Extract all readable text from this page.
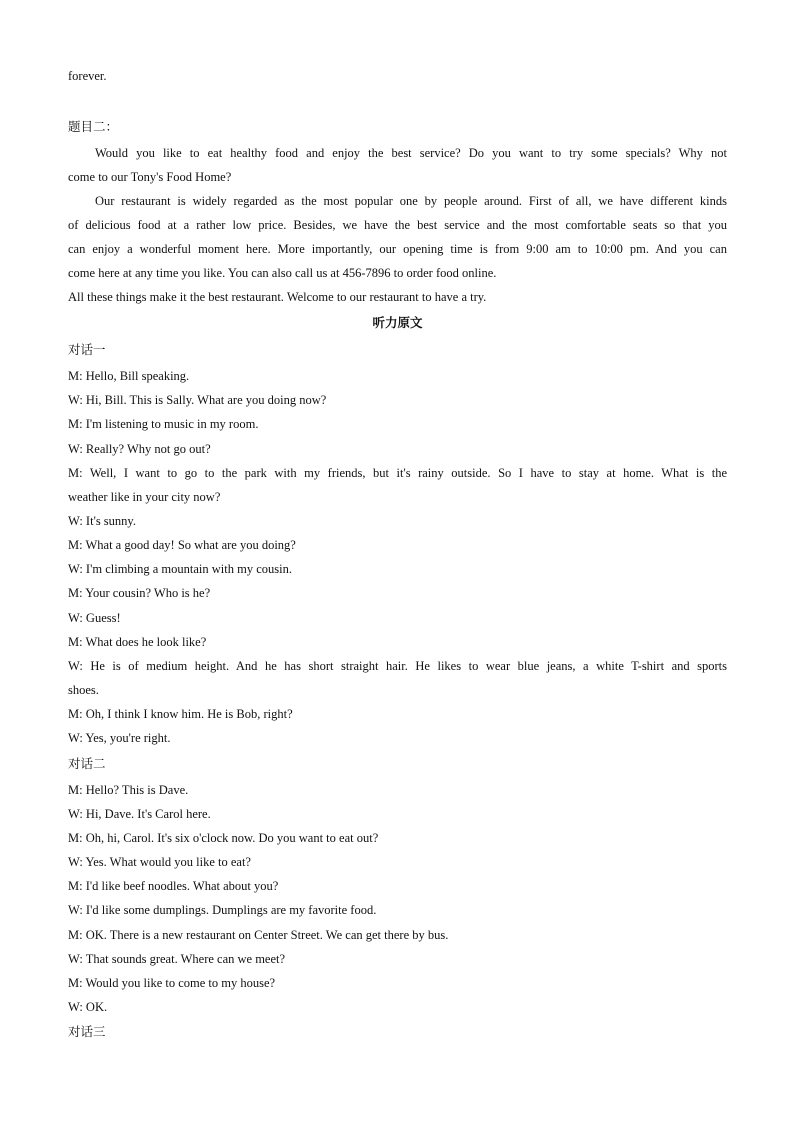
forever.
题目二：
Would you like to eat healthy food and enjoy the best service? Do you want to try some specials? Why not
come to our Tony's Food Home?
Our restaurant is widely regarded as the most popular one by people around. First of all, we have different kinds
of delicious food at a rather low price. Besides, we have the best service and the most comfortable seats so that you
can enjoy a wonderful moment here. More importantly, our opening time is from 9:00 am to 10:00 pm. And you can
come here at any time you like. You can also call us at 456-7896 to order food online.
All these things make it the best restaurant. Welcome to our restaurant to have a try.
听力原文
对话一
M: Hello, Bill speaking.
W: Hi, Bill. This is Sally. What are you doing now?
M: I'm listening to music in my room.
W: Really? Why not go out?
M: Well, I want to go to the park with my friends, but it's rainy outside. So I have to stay at home. What is the
weather like in your city now?
W: It's sunny.
M: What a good day! So what are you doing?
W: I'm climbing a mountain with my cousin.
M: Your cousin? Who is he?
W: Guess!
M: What does he look like?
W: He is of medium height. And he has short straight hair. He likes to wear blue jeans, a white T-shirt and sports
shoes.
M: Oh, I think I know him. He is Bob, right?
W: Yes, you're right.
对话二
M: Hello? This is Dave.
W: Hi, Dave. It's Carol here.
M: Oh, hi, Carol. It's six o'clock now. Do you want to eat out?
W: Yes. What would you like to eat?
M: I'd like beef noodles. What about you?
W: I'd like some dumplings. Dumplings are my favorite food.
M: OK. There is a new restaurant on Center Street. We can get there by bus.
W: That sounds great. Where can we meet?
M: Would you like to come to my house?
W: OK.
对话三
